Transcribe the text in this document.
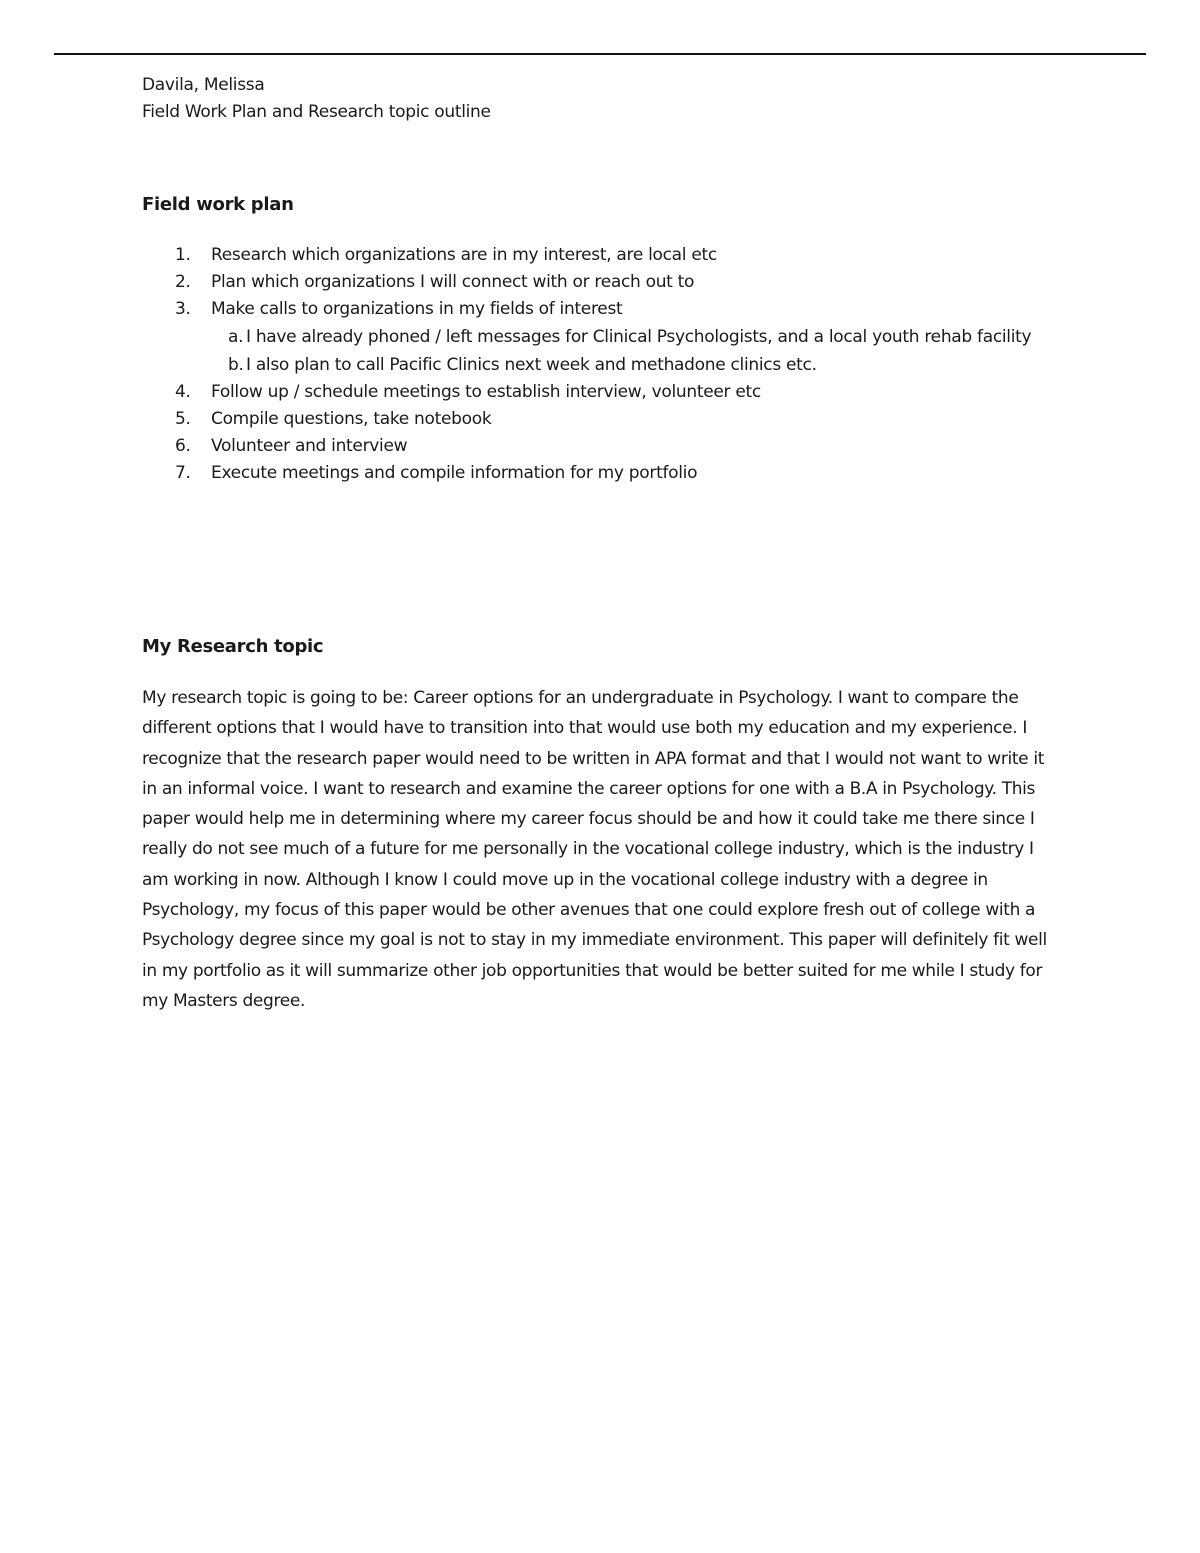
Davila, Melissa

Field Work Plan and Research topic outline

Field work plan
1. Research which organizations are in my interest, are local etc
2. Plan which organizations I will connect with or reach out to
3. Make calls to organizations in my fields of interest
a. I have already phoned / left messages for Clinical Psychologists, and a local youth rehab facility
b. I also plan to call Pacific Clinics next week and methadone clinics etc.
4. Follow up / schedule meetings to establish interview, volunteer etc
5. Compile questions, take notebook
6. Volunteer and interview
7. Execute meetings and compile information for my portfolio
My Research topic

My research topic is going to be: Career options for an undergraduate in Psychology. I want to compare the different options that I would have to transition into that would use both my education and my experience. I recognize that the research paper would need to be written in APA format and that I would not want to write it in an informal voice. I want to research and examine the career options for one with a B.A in Psychology. This paper would help me in determining where my career focus should be and how it could take me there since I really do not see much of a future for me personally in the vocational college industry, which is the industry I am working in now. Although I know I could move up in the vocational college industry with a degree in Psychology, my focus of this paper would be other avenues that one could explore fresh out of college with a Psychology degree since my goal is not to stay in my immediate environment. This paper will definitely fit well in my portfolio as it will summarize other job opportunities that would be better suited for me while I study for my Masters degree.
